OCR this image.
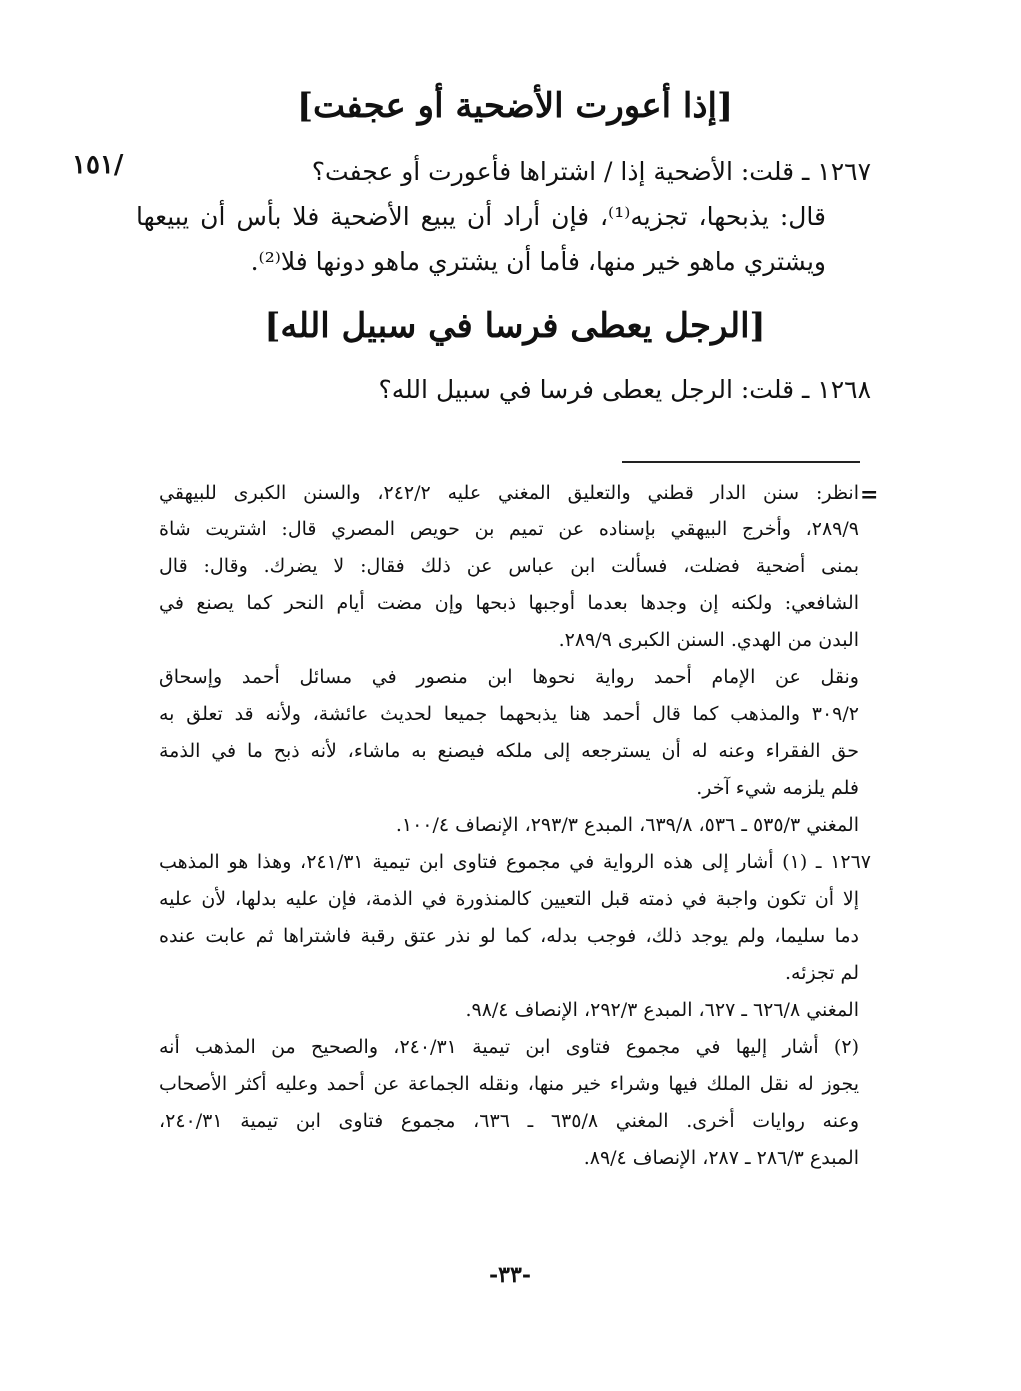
[إذا أعورت الأضحية أو عجفت]
/١٥١	١٢٦٧ ـ قلت: الأضحية إذا / اشتراها فأعورت أو عجفت؟
قال: يذبحها، تجزيه⁽¹⁾، فإن أراد أن يبيع الأضحية فلا بأس أن يبيعها
ويشتري ماهو خير منها، فأما أن يشتري ماهو دونها فلا⁽²⁾.
[الرجل يعطى فرسا في سبيل الله]
١٢٦٨ ـ قلت: الرجل يعطى فرسا في سبيل الله؟
=
انظر: سنن الدار قطني والتعليق المغني عليه ٢٤٢/٢، والسنن الكبرى للبيهقي
٢٨٩/٩، وأخرج البيهقي بإسناده عن تميم بن حويص المصري قال: اشتريت شاة
بمنى أضحية فضلت، فسألت ابن عباس عن ذلك فقال: لا يضرك. وقال: قال
الشافعي: ولكنه إن وجدها بعدما أوجبها ذبحها وإن مضت أيام النحر كما يصنع في
البدن من الهدي. السنن الكبرى ٢٨٩/٩.
ونقل عن الإمام أحمد رواية نحوها ابن منصور في مسائل أحمد وإسحاق
٣٠٩/٢ والمذهب كما قال أحمد هنا يذبحهما جميعا لحديث عائشة، ولأنه قد تعلق به
حق الفقراء وعنه له أن يسترجعه إلى ملكه فيصنع به ماشاء، لأنه ذبح ما في الذمة
فلم يلزمه شيء آخر.
المغني ٥٣٥/٣ ـ ٥٣٦، ٦٣٩/٨، المبدع ٢٩٣/٣، الإنصاف ١٠٠/٤.
١٢٦٧ ـ (١) أشار إلى هذه الرواية في مجموع فتاوى ابن تيمية ٢٤١/٣١، وهذا هو المذهب
إلا أن تكون واجبة في ذمته قبل التعيين كالمنذورة في الذمة، فإن عليه بدلها، لأن عليه
دما سليما، ولم يوجد ذلك، فوجب بدله، كما لو نذر عتق رقبة فاشتراها ثم عابت عنده
لم تجزئه.
المغني ٦٢٦/٨ ـ ٦٢٧، المبدع ٢٩٢/٣، الإنصاف ٩٨/٤.
(٢) أشار إليها في مجموع فتاوى ابن تيمية ٢٤٠/٣١، والصحيح من المذهب أنه
يجوز له نقل الملك فيها وشراء خير منها، ونقله الجماعة عن أحمد وعليه أكثر الأصحاب
وعنه روايات أخرى. المغني ٦٣٥/٨ ـ ٦٣٦، مجموع فتاوى ابن تيمية ٢٤٠/٣١،
المبدع ٢٨٦/٣ ـ ٢٨٧، الإنصاف ٨٩/٤.
-٣٣-
